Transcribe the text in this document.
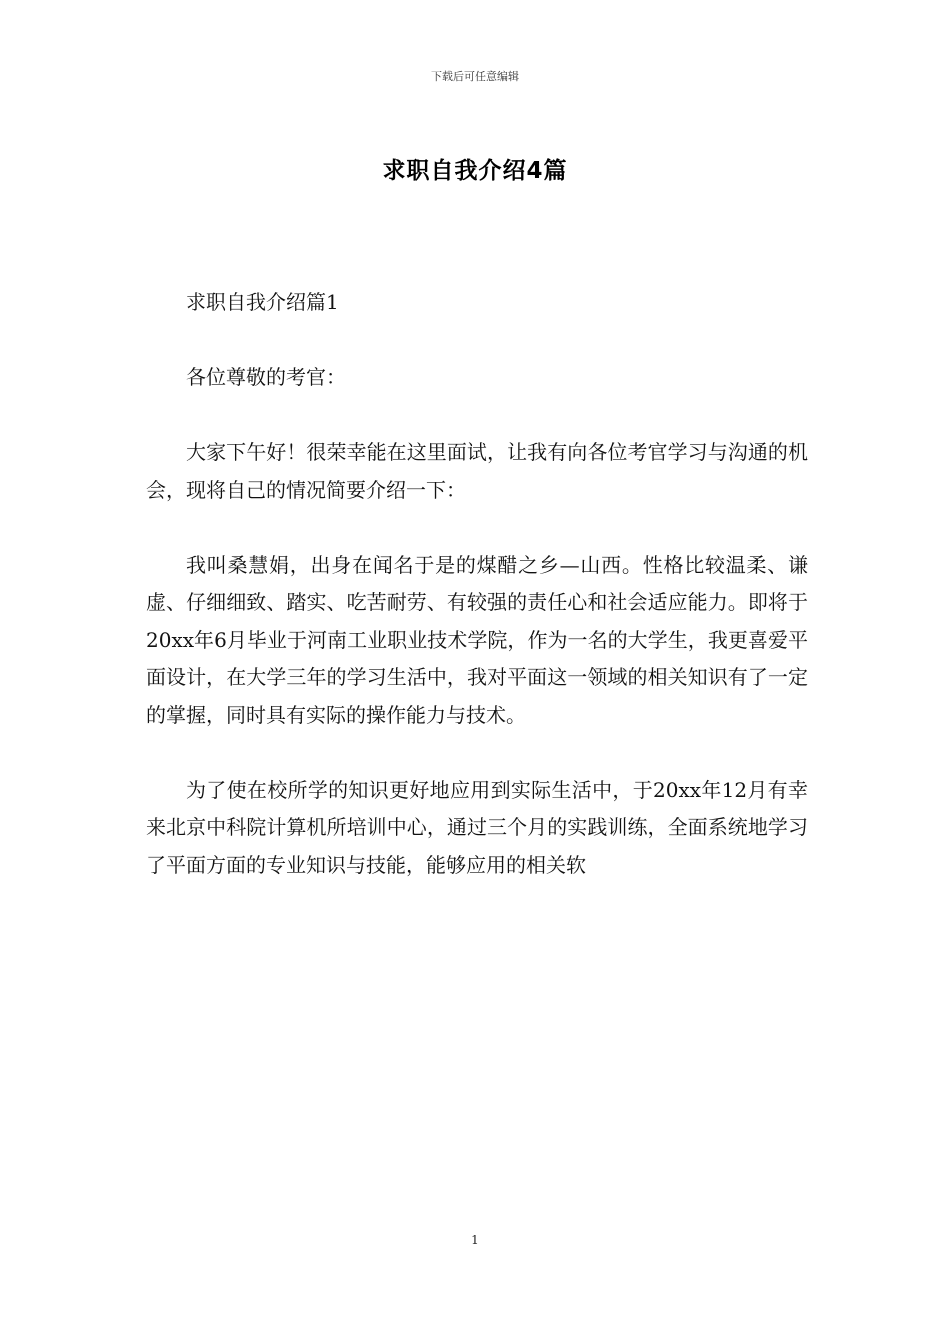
下载后可任意编辑
求职自我介绍4篇

求职自我介绍篇1

各位尊敬的考官：

大家下午好！很荣幸能在这里面试，让我有向各位考官学习与沟通的机会，现将自己的情况简要介绍一下：

我叫桑慧娟，出身在闻名于是的煤醋之乡—山西。性格比较温柔、谦虚、仔细细致、踏实、吃苦耐劳、有较强的责任心和社会适应能力。即将于20xx年6月毕业于河南工业职业技术学院，作为一名的大学生，我更喜爱平面设计，在大学三年的学习生活中，我对平面这一领域的相关知识有了一定的掌握，同时具有实际的操作能力与技术。

为了使在校所学的知识更好地应用到实际生活中，于20xx年12月有幸来北京中科院计算机所培训中心，通过三个月的实践训练，全面系统地学习了平面方面的专业知识与技能，能够应用的相关软

1
